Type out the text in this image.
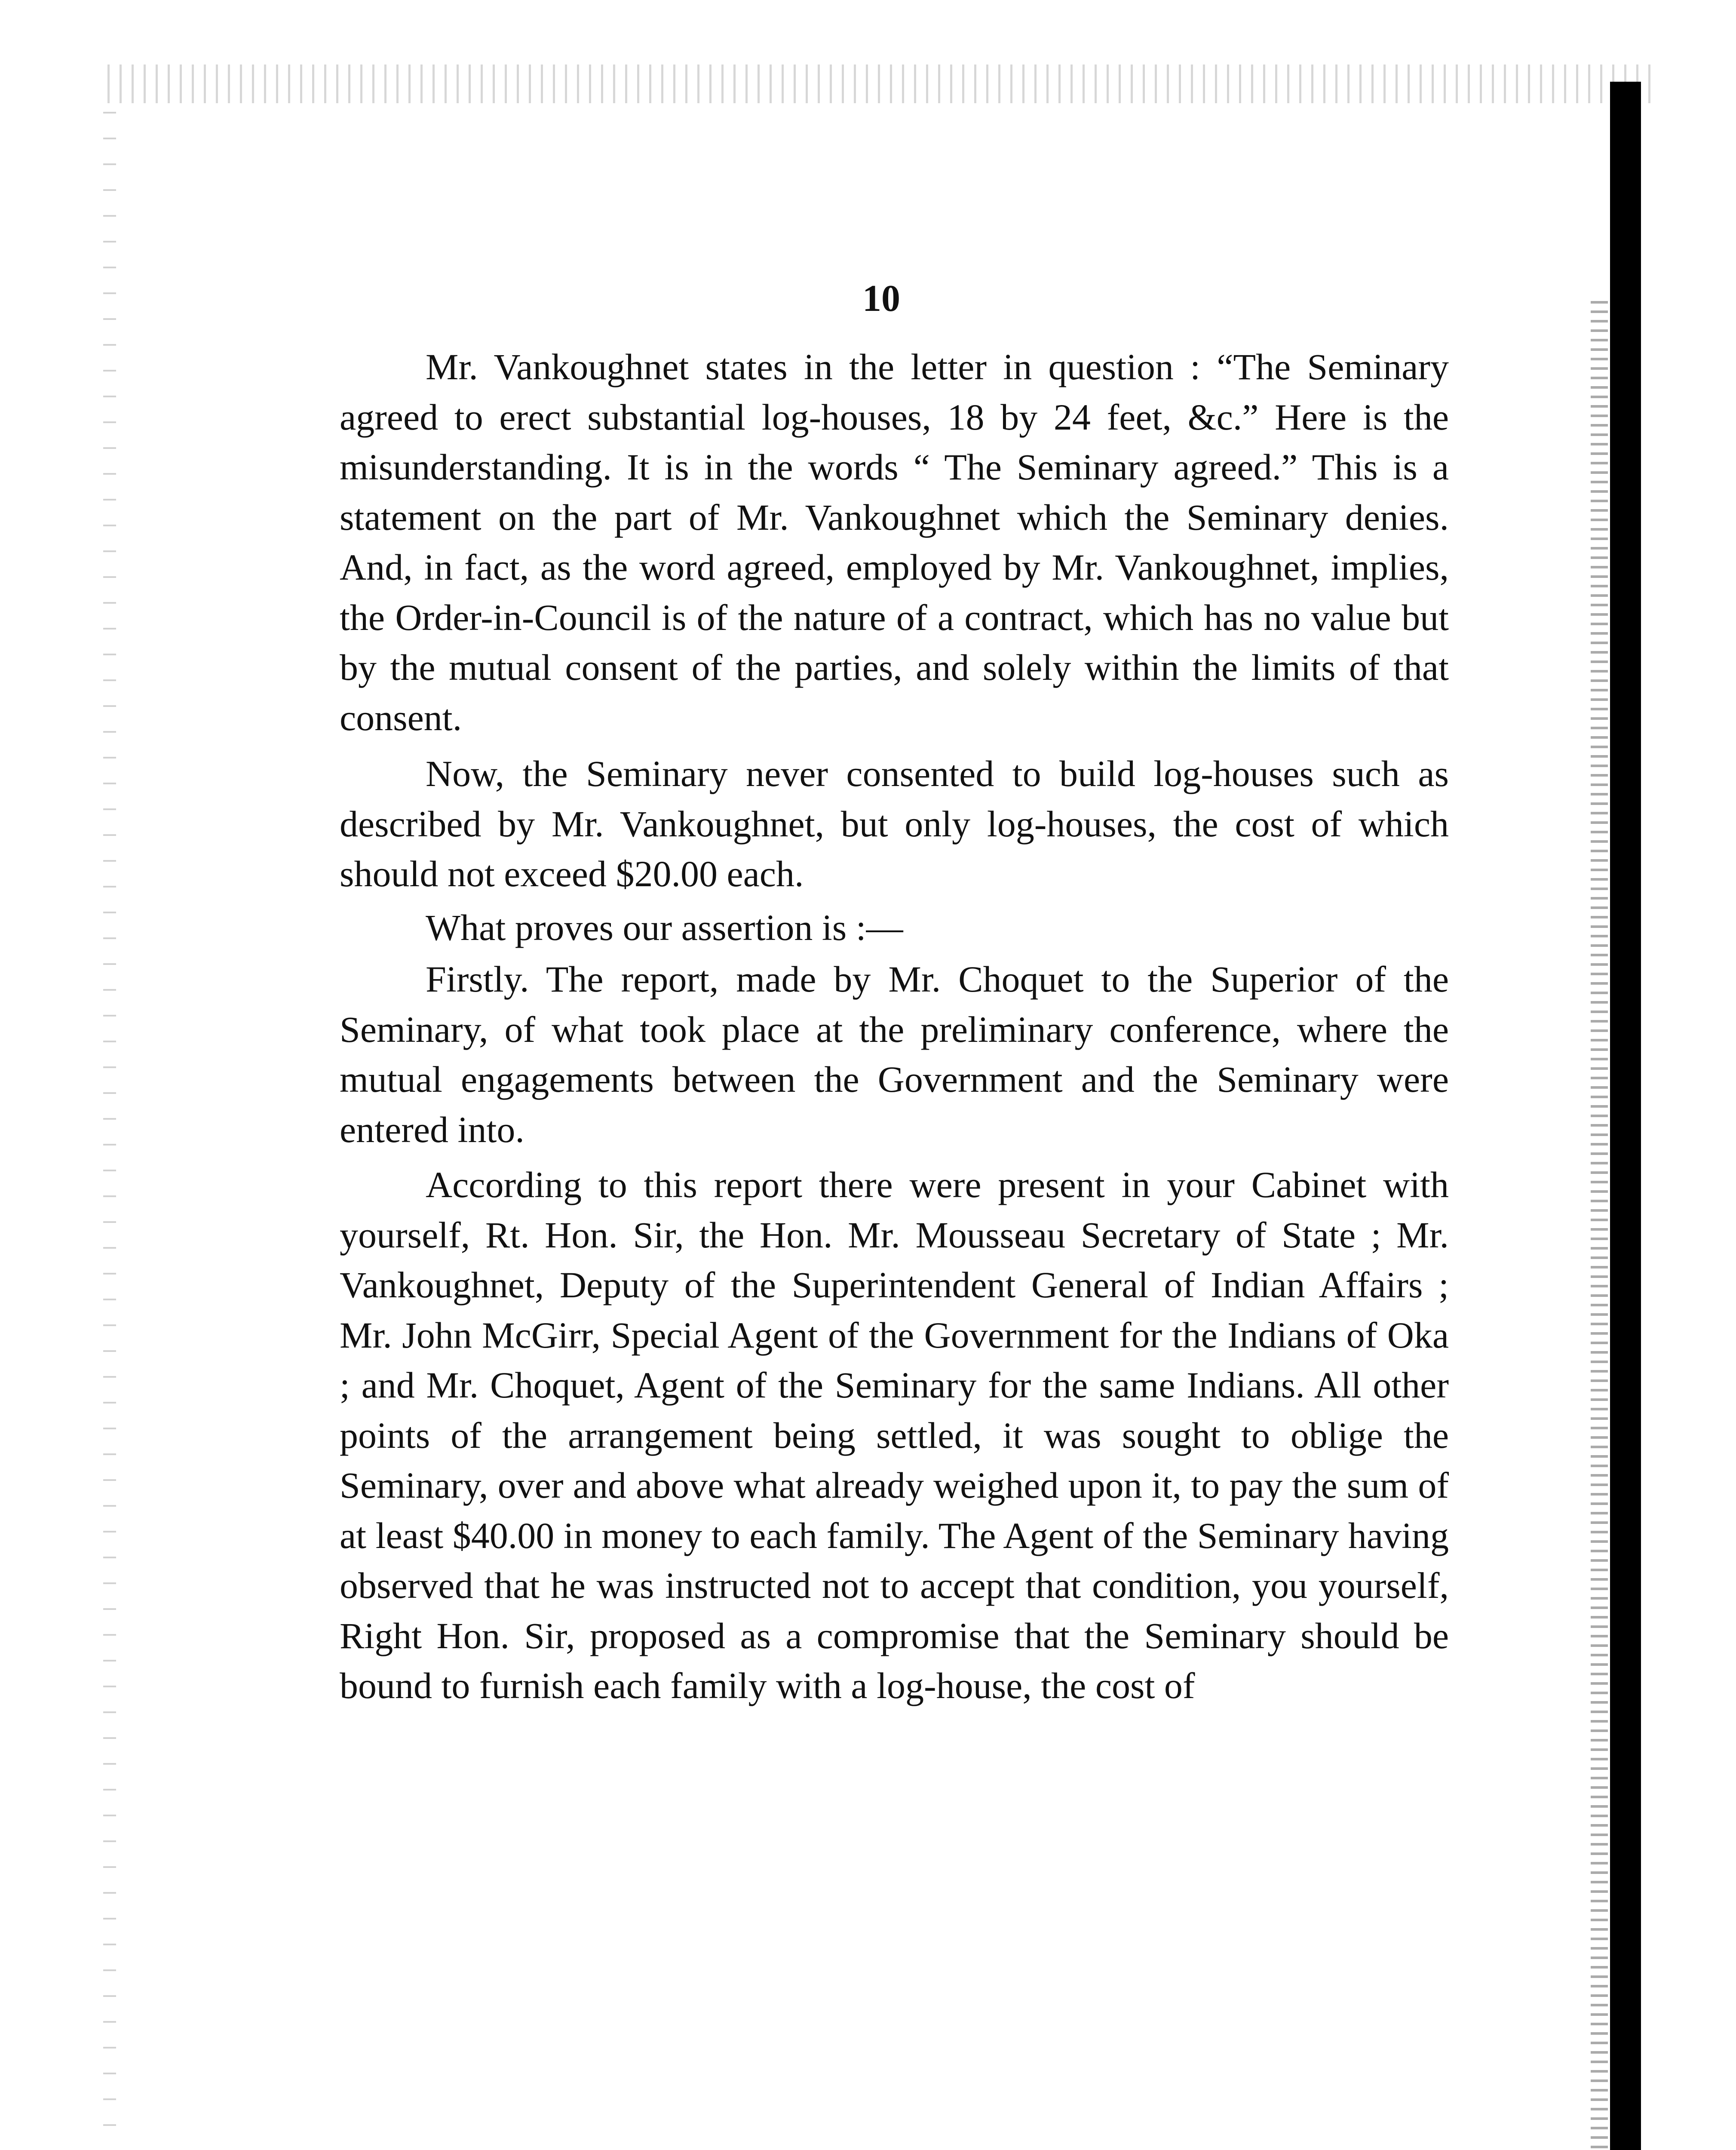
10

Mr. Vankoughnet states in the letter in question : “The Seminary agreed to erect substantial log-houses, 18 by 24 feet, &c.” Here is the misunderstanding. It is in the words “ The Seminary agreed.” This is a statement on the part of Mr. Vankoughnet which the Seminary denies. And, in fact, as the word agreed, employed by Mr. Vankoughnet, implies, the Order-in-Council is of the nature of a contract, which has no value but by the mutual consent of the parties, and solely within the limits of that consent.

Now, the Seminary never consented to build log-houses such as described by Mr. Vankoughnet, but only log-houses, the cost of which should not exceed $20.00 each.

What proves our assertion is :—

Firstly. The report, made by Mr. Choquet to the Superior of the Seminary, of what took place at the preliminary conference, where the mutual engagements between the Government and the Seminary were entered into.

According to this report there were present in your Cabinet with yourself, Rt. Hon. Sir, the Hon. Mr. Mousseau Secretary of State ; Mr. Vankoughnet, Deputy of the Superintendent General of Indian Affairs ; Mr. John McGirr, Special Agent of the Government for the Indians of Oka ; and Mr. Choquet, Agent of the Seminary for the same Indians. All other points of the arrangement being settled, it was sought to oblige the Seminary, over and above what already weighed upon it, to pay the sum of at least $40.00 in money to each family. The Agent of the Seminary having observed that he was instructed not to accept that condition, you yourself, Right Hon. Sir, proposed as a compromise that the Seminary should be bound to furnish each family with a log-house, the cost of
